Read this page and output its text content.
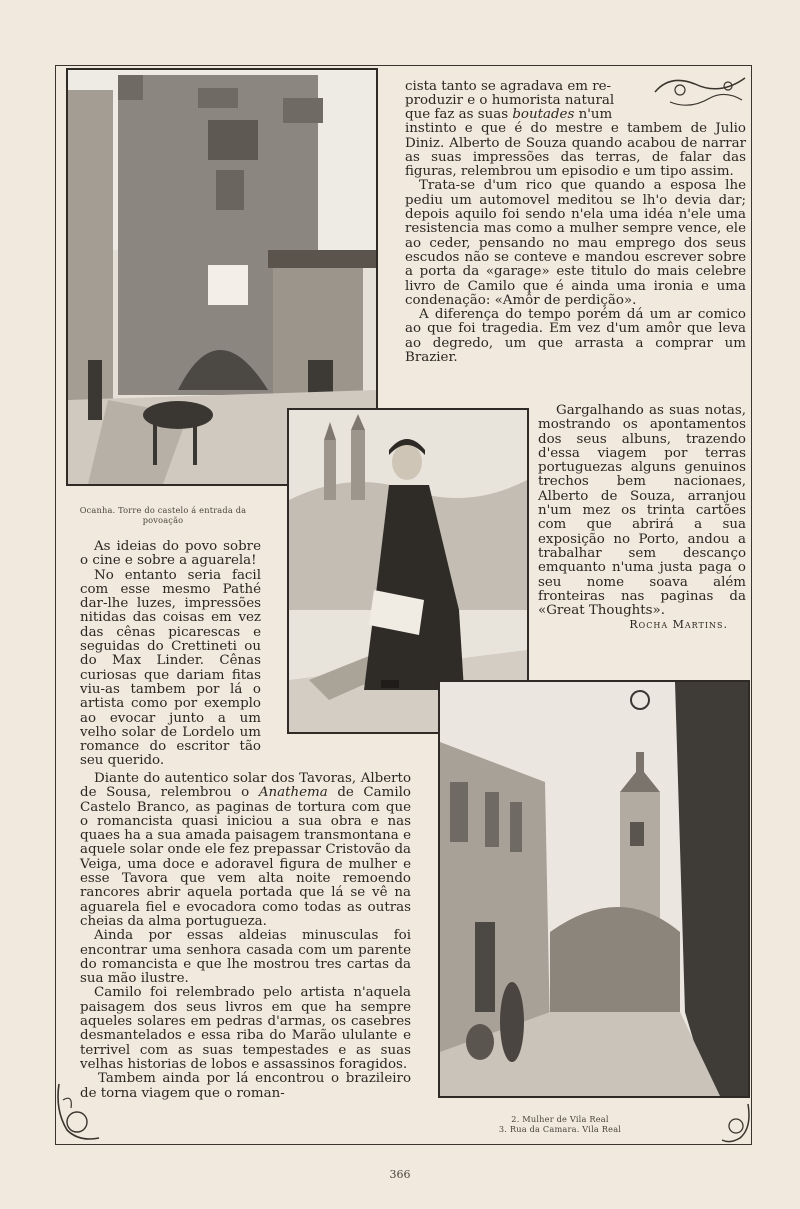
Ocanha. Torre do castelo á entrada da povoação
2. Mulher de Vila Real
3. Rua da Camara. Vila Real
cista tanto se agradava em re-
produzir e o humorista natural

que faz as suas boutades n'um

instinto e que é do mestre e tambem de Julio Diniz. Alberto de Souza quando acabou de narrar as suas impressões das terras, de falar das figuras, relembrou um episodio e um tipo assim.

Trata-se d'um rico que quando a esposa lhe pediu um automovel meditou se lh'o devia dar; depois aquilo foi sendo n'ela uma idéa n'ele uma resistencia mas como a mulher sempre vence, ele ao ceder, pensando no mau emprego dos seus escudos não se conteve e mandou escrever sobre a porta da «garage» este titulo do mais celebre livro de Camilo que é ainda uma ironia e uma condenação: «Amôr de perdição».

A diferença do tempo porém dá um ar comico ao que foi tragedia. Em vez d'um amôr que leva ao degredo, um que arrasta a comprar um Brazier.

Gargalhando as suas notas, mostrando os apontamentos dos seus albuns, trazendo d'essa viagem por terras portuguezas alguns genuinos trechos bem nacionaes, Alberto de Souza, arranjou n'um mez os trinta cartões com que abrirá a sua exposição no Porto, andou a trabalhar sem descanço emquanto n'uma justa paga o seu nome soava além fronteiras nas paginas da «Great Thoughts».

Rocha Martins.

As ideias do povo sobre o cine e sobre a aguarela!

No entanto seria facil com esse mesmo Pathé dar-lhe luzes, impressões nitidas das coisas em vez das cênas picarescas e seguidas do Crettineti ou do Max Linder. Cênas curiosas que dariam fitas viu-as tambem por lá o artista como por exemplo ao evocar junto a um velho solar de Lordelo um romance do escritor tão seu querido.

Diante do autentico solar dos Tavoras, Alberto de Sousa, relembrou o Anathema de Camilo Castelo Branco, as paginas de tortura com que o romancista quasi iniciou a sua obra e nas quaes ha a sua amada paisagem transmontana e aquele solar onde ele fez prepassar Cristovão da Veiga, uma doce e adoravel figura de mulher e esse Tavora que vem alta noite remoendo rancores abrir aquela portada que lá se vê na aguarela fiel e evocadora como todas as outras cheias da alma portugueza.

Ainda por essas aldeias minusculas foi encontrar uma senhora casada com um parente do romancista e que lhe mostrou tres cartas da sua mão ilustre.

Camilo foi relembrado pelo artista n'aquela paisagem dos seus livros em que ha sempre aqueles solares em pedras d'armas, os casebres desmantelados e essa riba do Marão ululante e terrivel com as suas tempestades e as suas velhas historias de lobos e assassinos foragidos.

Tambem ainda por lá encontrou o brazileiro de torna viagem que o roman-

366
